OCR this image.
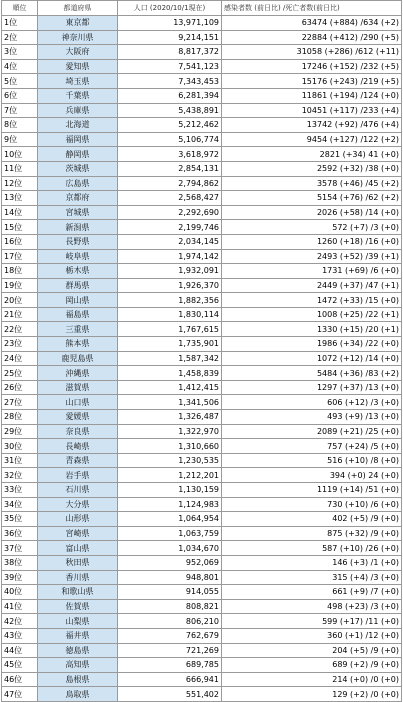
順位	都道府県	人口 (2020/10/1現在)	感染者数 (前日比) /死亡者数(前日比)
1位	東京都	13,971,109	63474 (+884) /634 (+2)
2位	神奈川県	9,214,151	22884 (+412) /290 (+5)
3位	大阪府	8,817,372	31058 (+286) /612 (+11)
4位	愛知県	7,541,123	17246 (+152) /232 (+5)
5位	埼玉県	7,343,453	15176 (+243) /219 (+5)
6位	千葉県	6,281,394	11861 (+194) /124 (+0)
7位	兵庫県	5,438,891	10451 (+117) /233 (+4)
8位	北海道	5,212,462	13742 (+92) /476 (+4)
9位	福岡県	5,106,774	9454 (+127) /122 (+2)
10位	静岡県	3,618,972	2821 (+34) 41 (+0)
11位	茨城県	2,854,131	2592 (+32) /38 (+0)
12位	広島県	2,794,862	3578 (+46) /45 (+2)
13位	京都府	2,568,427	5154 (+76) /62 (+2)
14位	宮城県	2,292,690	2026 (+58) /14 (+0)
15位	新潟県	2,199,746	572 (+7) /3 (+0)
16位	長野県	2,034,145	1260 (+18) /16 (+0)
17位	岐阜県	1,974,142	2493 (+52) /39 (+1)
18位	栃木県	1,932,091	1731 (+69) /6 (+0)
19位	群馬県	1,926,370	2449 (+37) /47 (+1)
20位	岡山県	1,882,356	1472 (+33) /15 (+0)
21位	福島県	1,830,114	1008 (+25) /22 (+1)
22位	三重県	1,767,615	1330 (+15) /20 (+1)
23位	熊本県	1,735,901	1986 (+34) /22 (+0)
24位	鹿児島県	1,587,342	1072 (+12) /14 (+0)
25位	沖縄県	1,458,839	5484 (+36) /83 (+2)
26位	滋賀県	1,412,415	1297 (+37) /13 (+0)
27位	山口県	1,341,506	606 (+12) /3 (+0)
28位	愛媛県	1,326,487	493 (+9) /13 (+0)
29位	奈良県	1,322,970	2089 (+21) /25 (+0)
30位	長崎県	1,310,660	757 (+24) /5 (+0)
31位	青森県	1,230,535	516 (+10) /8 (+0)
32位	岩手県	1,212,201	394 (+0) 24 (+0)
33位	石川県	1,130,159	1119 (+14) /51 (+0)
34位	大分県	1,124,983	730 (+10) /6 (+0)
35位	山形県	1,064,954	402 (+5) /9 (+0)
36位	宮崎県	1,063,759	875 (+32) /9 (+0)
37位	富山県	1,034,670	587 (+10) /26 (+0)
38位	秋田県	952,069	146 (+3) /1 (+0)
39位	香川県	948,801	315 (+4) /3 (+0)
40位	和歌山県	914,055	661 (+9) /7 (+0)
41位	佐賀県	808,821	498 (+23) /3 (+0)
42位	山梨県	806,210	599 (+17) /11 (+0)
43位	福井県	762,679	360 (+1) /12 (+0)
44位	徳島県	721,269	204 (+5) /9 (+0)
45位	高知県	689,785	689 (+2) /9 (+0)
46位	島根県	666,941	214 (+0) /0 (+0)
47位	鳥取県	551,402	129 (+2) /0 (+0)
